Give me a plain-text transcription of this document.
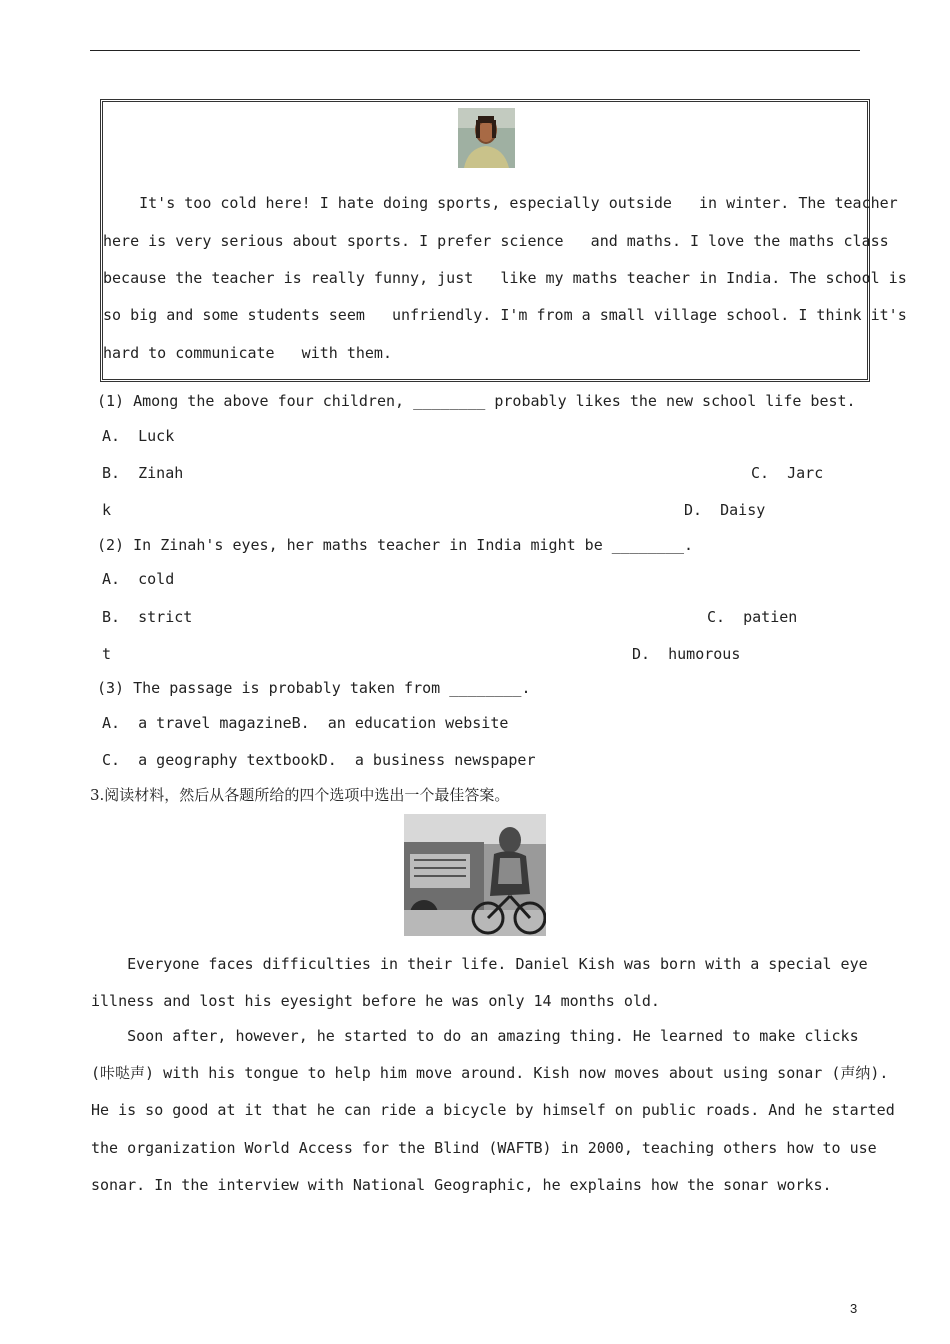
It's too cold here! I hate doing sports, especially outside   in winter. The teacher
here is very serious about sports. I prefer science   and maths. I love the maths class
because the teacher is really funny, just   like my maths teacher in India. The school is
so big and some students seem   unfriendly. I'm from a small village school. I think it's
hard to communicate   with them.
(1) Among the above four children, ________ probably likes the new school life best.
A.  Luck
B.  Zinah	C.  Jarc
k	D.  Daisy
(2) In Zinah's eyes, her maths teacher in India might be ________.
A.  cold
B.  strict	C.  patien
t	D.  humorous
(3) The passage is probably taken from ________.
A.  a travel magazineB.  an education website
C.  a geography textbookD.  a business newspaper
3.阅读材料，然后从各题所给的四个选项中选出一个最佳答案。
Everyone faces difficulties in their life. Daniel Kish was born with a special eye
illness and lost his eyesight before he was only 14 months old.
Soon after, however, he started to do an amazing thing. He learned to make clicks
(咔哒声) with his tongue to help him move around. Kish now moves about using sonar (声纳).
He is so good at it that he can ride a bicycle by himself on public roads. And he started
the organization World Access for the Blind (WAFTB) in 2000, teaching others how to use
sonar. In the interview with National Geographic, he explains how the sonar works.
3
